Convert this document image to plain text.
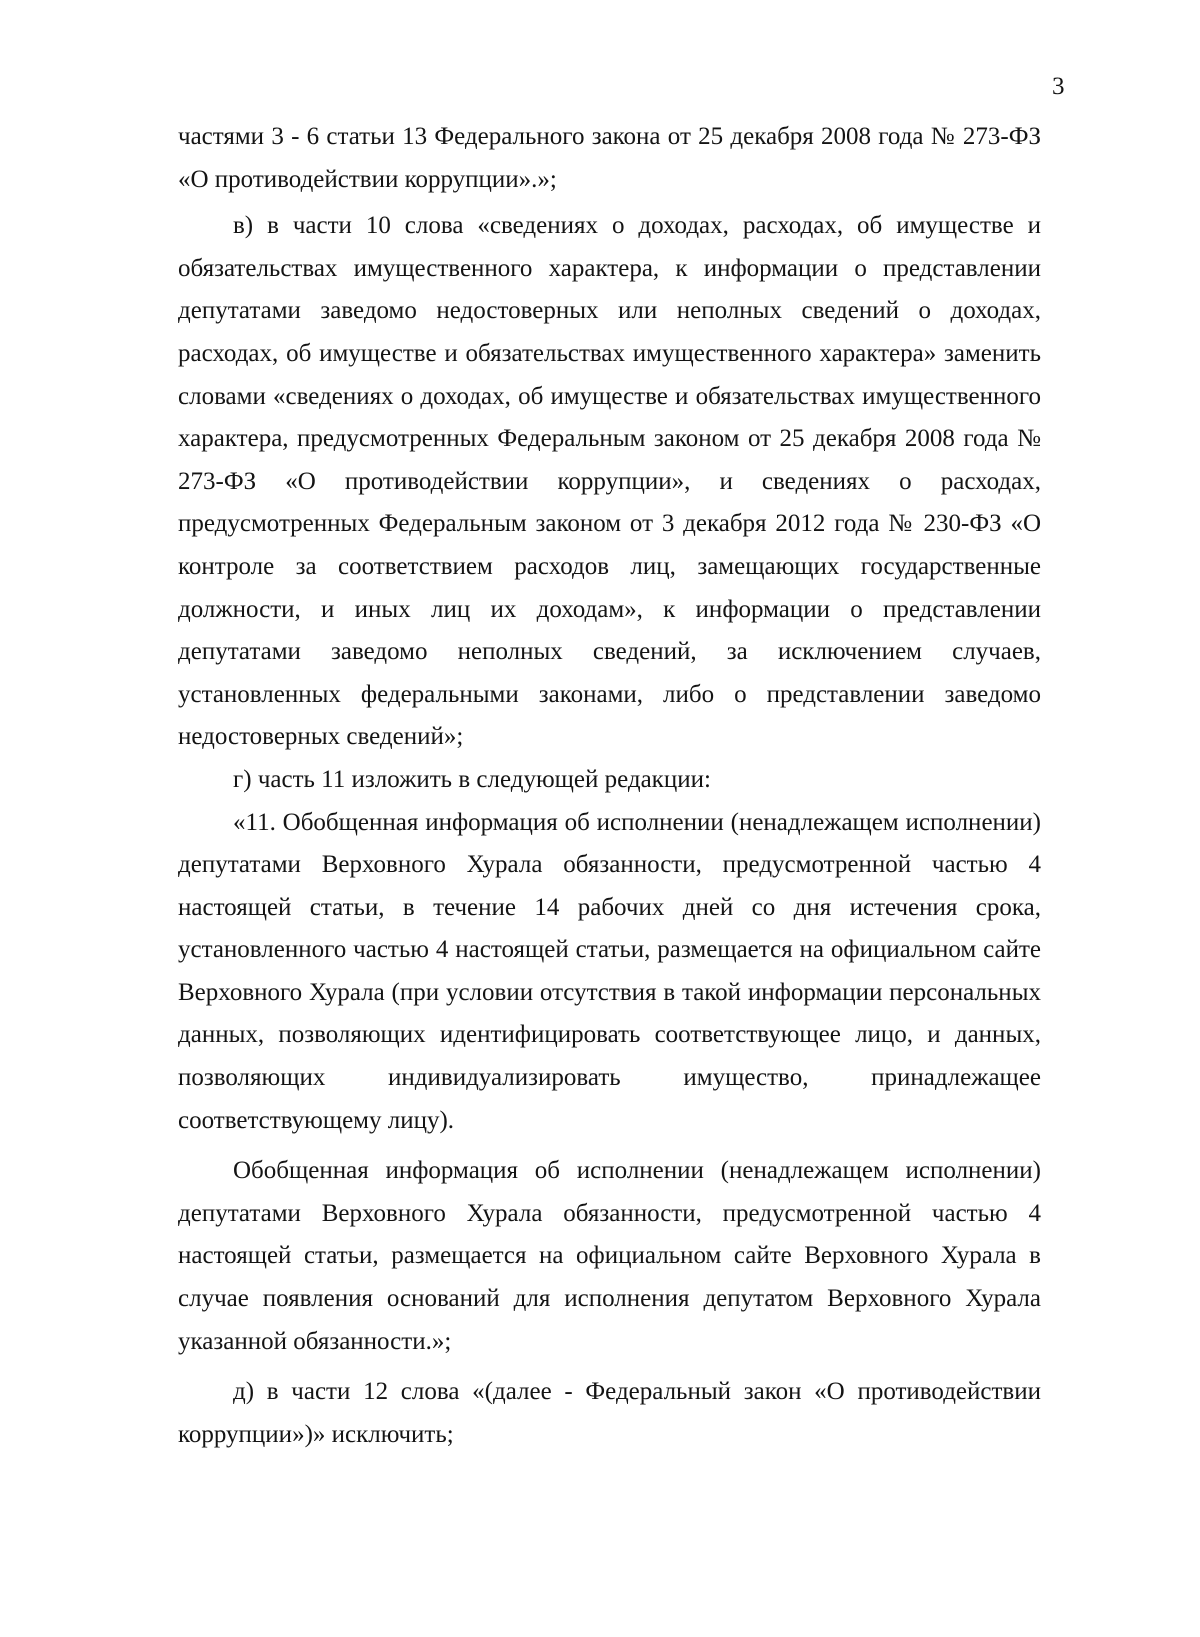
3

частями 3 - 6 статьи 13 Федерального закона от 25 декабря 2008 года № 273-ФЗ «О противодействии коррупции».»;

в) в части 10 слова «сведениях о доходах, расходах, об имуществе и обязательствах имущественного характера, к информации о представлении депутатами заведомо недостоверных или неполных сведений о доходах, расходах, об имуществе и обязательствах имущественного характера» заменить словами «сведениях о доходах, об имуществе и обязательствах имущественного характера, предусмотренных Федеральным законом от 25 декабря 2008 года № 273-ФЗ «О противодействии коррупции», и сведениях о расходах, предусмотренных Федеральным законом от 3 декабря 2012 года № 230-ФЗ «О контроле за соответствием расходов лиц, замещающих государственные должности, и иных лиц их доходам», к информации о представлении депутатами заведомо неполных сведений, за исключением случаев, установленных федеральными законами, либо о представлении заведомо недостоверных сведений»;

г) часть 11 изложить в следующей редакции:

«11. Обобщенная информация об исполнении (ненадлежащем исполнении) депутатами Верховного Хурала обязанности, предусмотренной частью 4 настоящей статьи, в течение 14 рабочих дней со дня истечения срока, установленного частью 4 настоящей статьи, размещается на официальном сайте Верховного Хурала (при условии отсутствия в такой информации персональных данных, позволяющих идентифицировать соответствующее лицо, и данных, позволяющих индивидуализировать имущество, принадлежащее соответствующему лицу).

Обобщенная информация об исполнении (ненадлежащем исполнении) депутатами Верховного Хурала обязанности, предусмотренной частью 4 настоящей статьи, размещается на официальном сайте Верховного Хурала в случае появления оснований для исполнения депутатом Верховного Хурала указанной обязанности.»;

д) в части 12 слова «(далее - Федеральный закон «О противодействии коррупции»)» исключить;
